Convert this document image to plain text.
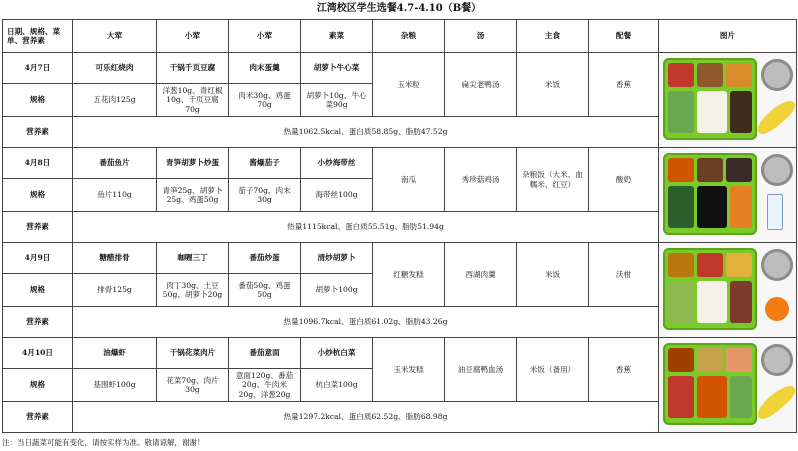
江湾校区学生选餐4.7-4.10（B餐）
日期、规格、菜单、营养素	大荤	小荤	小荤	素菜	杂粮	汤	主食	配餐	图片
4月7日	可乐红烧肉	干锅千页豆腐	肉末蛋羹	胡萝卜牛心菜	玉米粒	扁尖老鸭汤	米饭	香蕉	

规格	五花肉125g	洋葱10g、青红椒10g、千页豆腐70g	肉米30g、鸡蛋70g	胡萝卜10g、牛心菜90g					
营养素	热量1062.5kcal、蛋白质58.85g、脂肪47.52g								
4月8日	番茄鱼片	青笋胡萝卜炒蛋	酱爆茄子	小炒海带丝	南瓜	秀珍菇鸡汤	杂粮饭（大米、血糯米、红豆）	酸奶	

规格	鱼片110g	青笋25g、胡萝卜25g、鸡蛋50g	茄子70g、肉末30g	海带丝100g					
营养素	热量1115kcal、蛋白质55.51g、脂肪51.94g								
4月9日	糖醋排骨	咖喱三丁	番茄炒蛋	清炒胡萝卜	红糖发糕	西湖肉羹	米饭	沃柑	

规格	排骨125g	肉丁30g、土豆50g、胡萝卜20g	番茄50g、鸡蛋50g	胡萝卜100g					
营养素	热量1096.7kcal、蛋白质61.02g、脂肪43.26g								
4月10日	油爆虾	干锅花菜肉片	番茄意面	小炒杭白菜	玉米发糕	油豆腐鸭血汤	米饭（备用）	香蕉	

规格	基围虾100g	花菜70g、肉片30g	意面120g、番茄20g、牛肉米20g、洋葱20g	杭白菜100g					
营养素	热量1297.2kcal、蛋白质62.52g、脂肪68.98g								
注：当日蔬菜可能有变化，请按实样为准。敬请谅解，谢谢！
